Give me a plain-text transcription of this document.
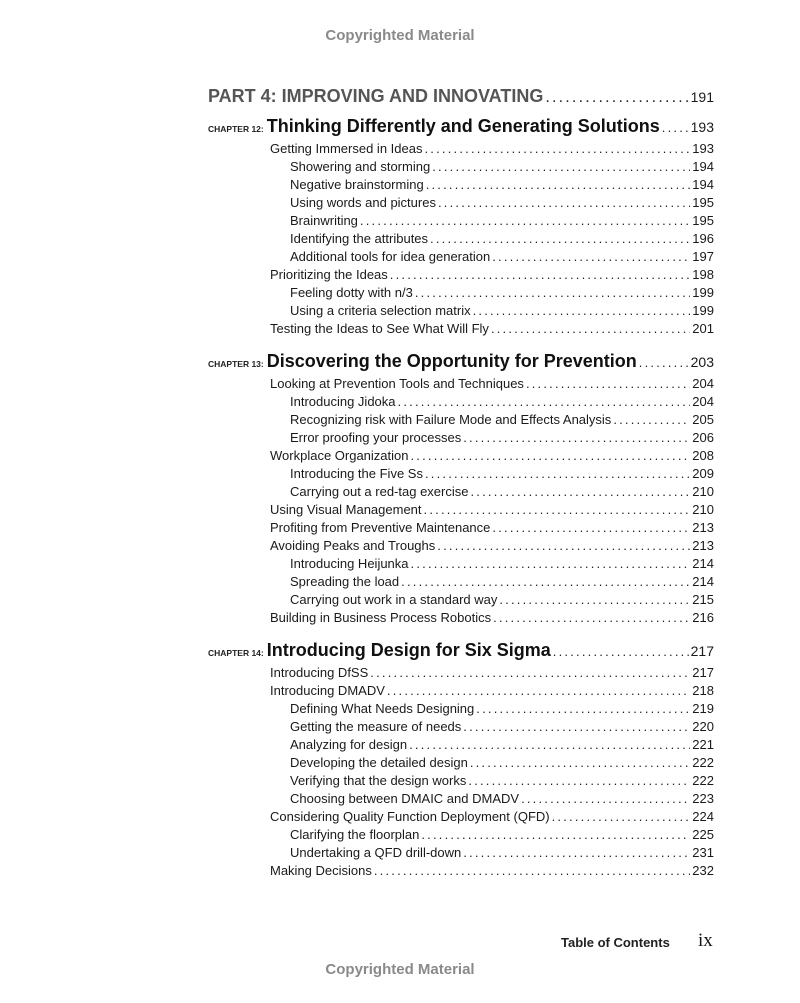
Copyrighted Material
PART 4: IMPROVING AND INNOVATING .....	191
CHAPTER 12: Thinking Differently and Generating Solutions ..... 193
Getting Immersed in Ideas .....	193
Showering and storming .....	194
Negative brainstorming .....	194
Using words and pictures .....	195
Brainwriting .....	195
Identifying the attributes .....	196
Additional tools for idea generation .....	197
Prioritizing the Ideas .....	198
Feeling dotty with n/3 .....	199
Using a criteria selection matrix .....	199
Testing the Ideas to See What Will Fly .....	201
CHAPTER 13: Discovering the Opportunity for Prevention .....	203
Looking at Prevention Tools and Techniques .....	204
Introducing Jidoka .....	204
Recognizing risk with Failure Mode and Effects Analysis .....	205
Error proofing your processes .....	206
Workplace Organization .....	208
Introducing the Five Ss .....	209
Carrying out a red-tag exercise .....	210
Using Visual Management .....	210
Profiting from Preventive Maintenance .....	213
Avoiding Peaks and Troughs .....	213
Introducing Heijunka .....	214
Spreading the load .....	214
Carrying out work in a standard way .....	215
Building in Business Process Robotics .....	216
CHAPTER 14: Introducing Design for Six Sigma .....	217
Introducing DfSS .....	217
Introducing DMADV .....	218
Defining What Needs Designing .....	219
Getting the measure of needs .....	220
Analyzing for design .....	221
Developing the detailed design .....	222
Verifying that the design works .....	222
Choosing between DMAIC and DMADV .....	223
Considering Quality Function Deployment (QFD) .....	224
Clarifying the floorplan .....	225
Undertaking a QFD drill-down .....	231
Making Decisions .....	232
Table of Contents ix
Copyrighted Material
